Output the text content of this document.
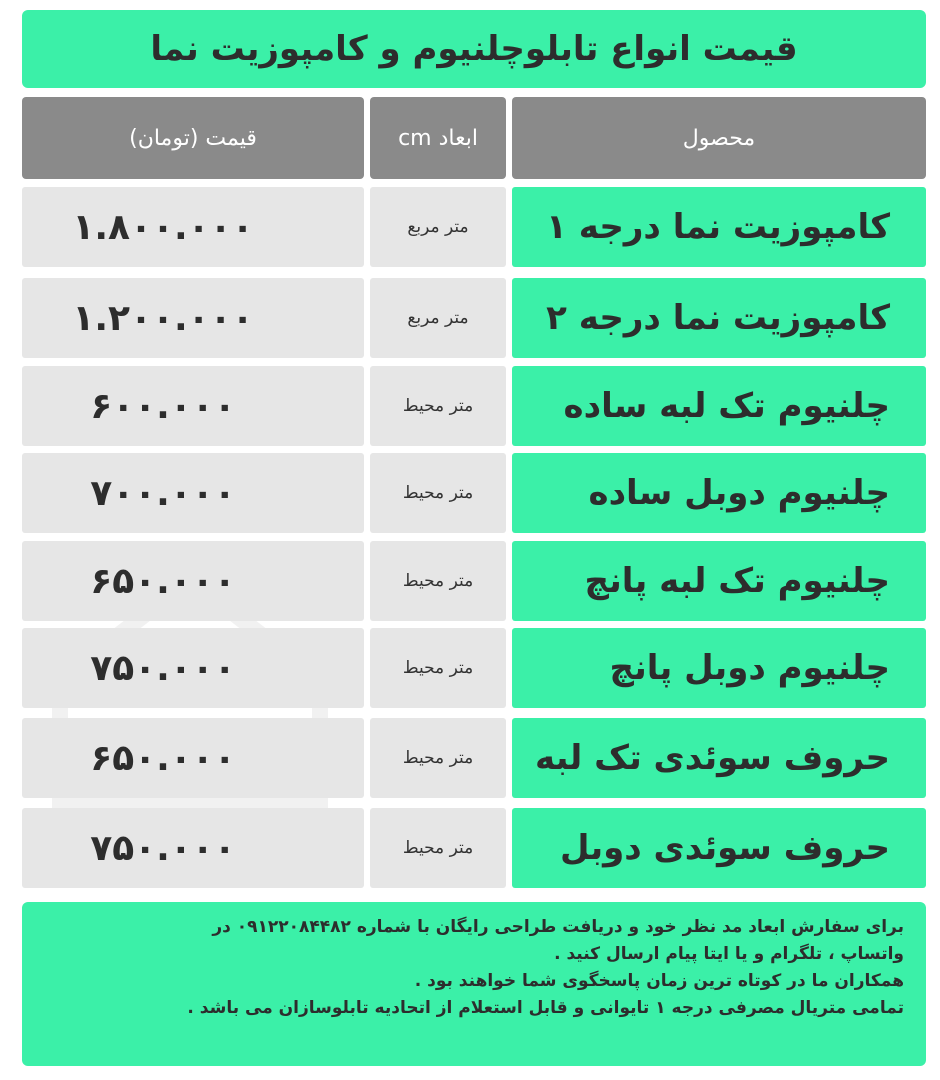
قیمت انواع تابلوچلنیوم و کامپوزیت نما
محصول
ابعاد cm
قیمت (تومان)
کامپوزیت نما درجه ۱
متر مربع
۱.۸۰۰.۰۰۰
کامپوزیت نما درجه ۲
متر مربع
۱.۲۰۰.۰۰۰
چلنیوم تک لبه ساده
متر محیط
۶۰۰.۰۰۰
چلنیوم دوبل ساده
متر محیط
۷۰۰.۰۰۰
چلنیوم تک لبه پانچ
متر محیط
۶۵۰.۰۰۰
چلنیوم دوبل پانچ
متر محیط
۷۵۰.۰۰۰
حروف سوئدی تک لبه
متر محیط
۶۵۰.۰۰۰
حروف سوئدی دوبل
متر محیط
۷۵۰.۰۰۰
برای سفارش ابعاد مد نظر خود و دریافت طراحی رایگان با شماره ۰۹۱۲۲۰۸۴۴۸۲ در
واتساپ ، تلگرام و یا ایتا پیام ارسال کنید .
همکاران ما در کوتاه ترین زمان پاسخگوی شما خواهند بود .
تمامی متریال مصرفی درجه ۱ تایوانی و قابل استعلام از اتحادیه تابلوسازان می باشد .
